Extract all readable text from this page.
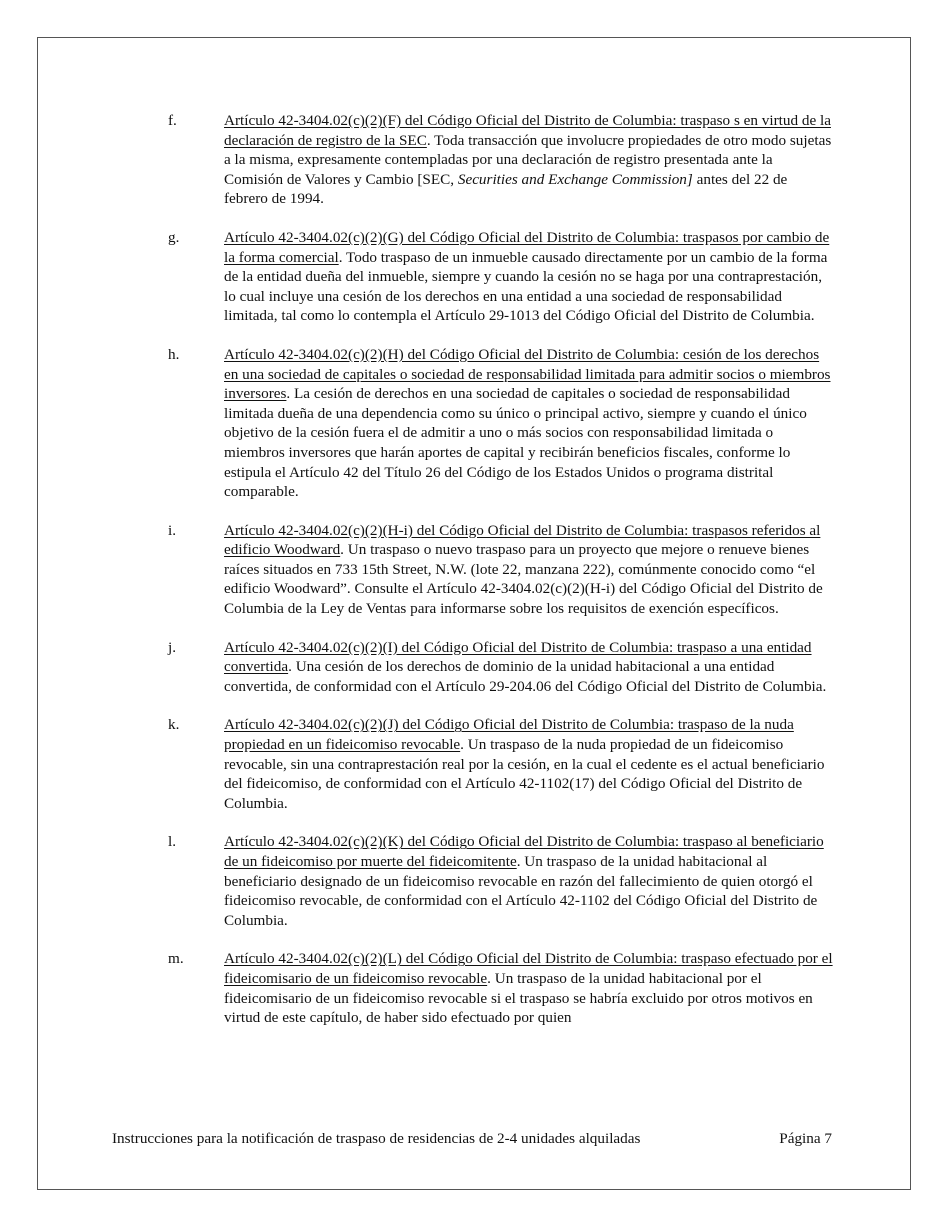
f.	Artículo 42-3404.02(c)(2)(F) del Código Oficial del Distrito de Columbia: traspaso s en virtud de la declaración de registro de la SEC. Toda transacción que involucre propiedades de otro modo sujetas a la misma, expresamente contempladas por una declaración de registro presentada ante la Comisión de Valores y Cambio [SEC, Securities and Exchange Commission] antes del 22 de febrero de 1994.
g.	Artículo 42-3404.02(c)(2)(G) del Código Oficial del Distrito de Columbia: traspasos por cambio de la forma comercial. Todo traspaso de un inmueble causado directamente por un cambio de la forma de la entidad dueña del inmueble, siempre y cuando la cesión no se haga por una contraprestación, lo cual incluye una cesión de los derechos en una entidad a una sociedad de responsabilidad limitada, tal como lo contempla el Artículo 29-1013 del Código Oficial del Distrito de Columbia.
h.	Artículo 42-3404.02(c)(2)(H) del Código Oficial del Distrito de Columbia: cesión de los derechos en una sociedad de capitales o sociedad de responsabilidad limitada para admitir socios o miembros inversores. La cesión de derechos en una sociedad de capitales o sociedad de responsabilidad limitada dueña de una dependencia como su único o principal activo, siempre y cuando el único objetivo de la cesión fuera el de admitir a uno o más socios con responsabilidad limitada o miembros inversores que harán aportes de capital y recibirán beneficios fiscales, conforme lo estipula el Artículo 42 del Título 26 del Código de los Estados Unidos o programa distrital comparable.
i.	Artículo 42-3404.02(c)(2)(H-i) del Código Oficial del Distrito de Columbia: traspasos referidos al edificio Woodward. Un traspaso o nuevo traspaso para un proyecto que mejore o renueve bienes raíces situados en 733 15th Street, N.W. (lote 22, manzana 222), comúnmente conocido como “el edificio Woodward”. Consulte el Artículo 42-3404.02(c)(2)(H-i) del Código Oficial del Distrito de Columbia de la Ley de Ventas para informarse sobre los requisitos de exención específicos.
j.	Artículo 42-3404.02(c)(2)(I) del Código Oficial del Distrito de Columbia: traspaso a una entidad convertida. Una cesión de los derechos de dominio de la unidad habitacional a una entidad convertida, de conformidad con el Artículo 29-204.06 del Código Oficial del Distrito de Columbia.
k.	Artículo 42-3404.02(c)(2)(J) del Código Oficial del Distrito de Columbia: traspaso de la nuda propiedad en un fideicomiso revocable. Un traspaso de la nuda propiedad de un fideicomiso revocable, sin una contraprestación real por la cesión, en la cual el cedente es el actual beneficiario del fideicomiso, de conformidad con el Artículo 42-1102(17) del Código Oficial del Distrito de Columbia.
l.	Artículo 42-3404.02(c)(2)(K) del Código Oficial del Distrito de Columbia: traspaso al beneficiario de un fideicomiso por muerte del fideicomitente. Un traspaso de la unidad habitacional al beneficiario designado de un fideicomiso revocable en razón del fallecimiento de quien otorgó el fideicomiso revocable, de conformidad con el Artículo 42-1102 del Código Oficial del Distrito de Columbia.
m.	Artículo 42-3404.02(c)(2)(L) del Código Oficial del Distrito de Columbia: traspaso efectuado por el fideicomisario de un fideicomiso revocable. Un traspaso de la unidad habitacional por el fideicomisario de un fideicomiso revocable si el traspaso se habría excluido por otros motivos en virtud de este capítulo, de haber sido efectuado por quien
Instrucciones para la notificación de traspaso de residencias de 2-4 unidades alquiladas	Página 7
